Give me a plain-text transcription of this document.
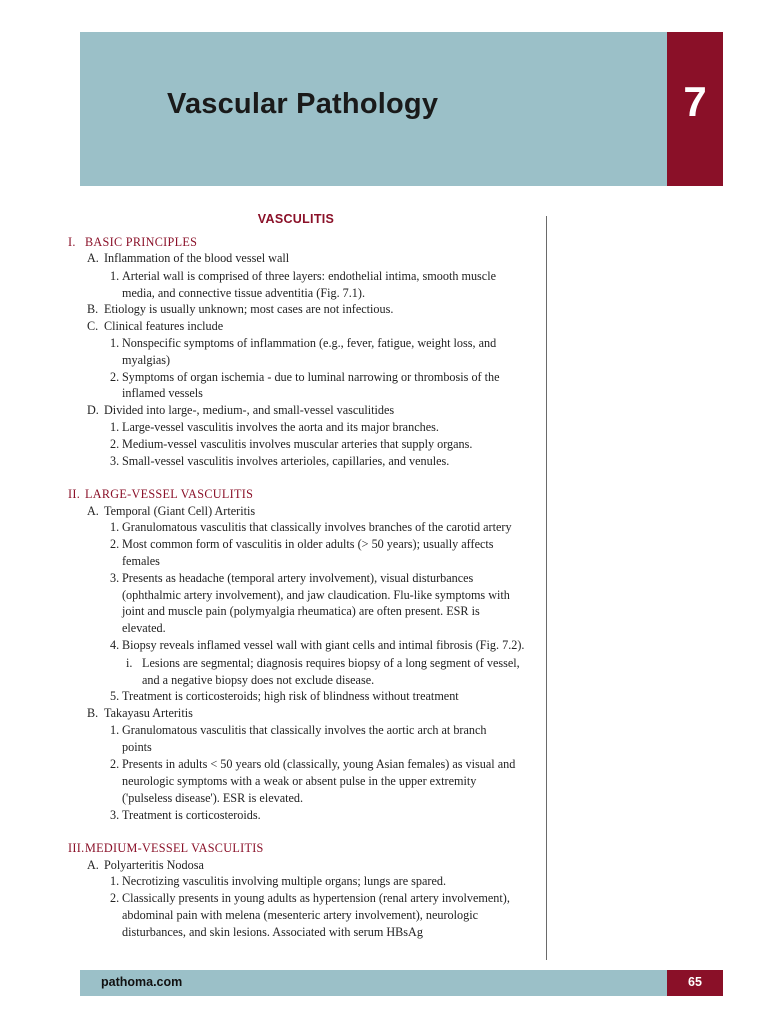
Vascular Pathology	7
VASCULITIS
I. BASIC PRINCIPLES
A. Inflammation of the blood vessel wall
1. Arterial wall is comprised of three layers: endothelial intima, smooth muscle
media, and connective tissue adventitia (Fig. 7.1).
B. Etiology is usually unknown; most cases are not infectious.
C. Clinical features include
1. Nonspecific symptoms of inflammation (e.g., fever, fatigue, weight loss, and
myalgias)
2. Symptoms of organ ischemia - due to luminal narrowing or thrombosis of the
inflamed vessels
D. Divided into large-, medium-, and small-vessel vasculitides
1. Large-vessel vasculitis involves the aorta and its major branches.
2. Medium-vessel vasculitis involves muscular arteries that supply organs.
3. Small-vessel vasculitis involves arterioles, capillaries, and venules.
II. LARGE-VESSEL VASCULITIS
A. Temporal (Giant Cell) Arteritis
1. Granulomatous vasculitis that classically involves branches of the carotid artery
2. Most common form of vasculitis in older adults (> 50 years); usually affects
females
3. Presents as headache (temporal artery involvement), visual disturbances
(ophthalmic artery involvement), and jaw claudication. Flu-like symptoms with
joint and muscle pain (polymyalgia rheumatica) are often present. ESR is
elevated.
4. Biopsy reveals inflamed vessel wall with giant cells and intimal fibrosis (Fig. 7.2).
i. Lesions are segmental; diagnosis requires biopsy of a long segment of vessel,
and a negative biopsy does not exclude disease.
5. Treatment is corticosteroids; high risk of blindness without treatment
B. Takayasu Arteritis
1. Granulomatous vasculitis that classically involves the aortic arch at branch
points
2. Presents in adults < 50 years old (classically, young Asian females) as visual and
neurologic symptoms with a weak or absent pulse in the upper extremity
('pulseless disease'). ESR is elevated.
3. Treatment is corticosteroids.
III. MEDIUM-VESSEL VASCULITIS
A. Polyarteritis Nodosa
1. Necrotizing vasculitis involving multiple organs; lungs are spared.
2. Classically presents in young adults as hypertension (renal artery involvement),
abdominal pain with melena (mesenteric artery involvement), neurologic
disturbances, and skin lesions. Associated with serum HBsAg
pathoma.com	65
